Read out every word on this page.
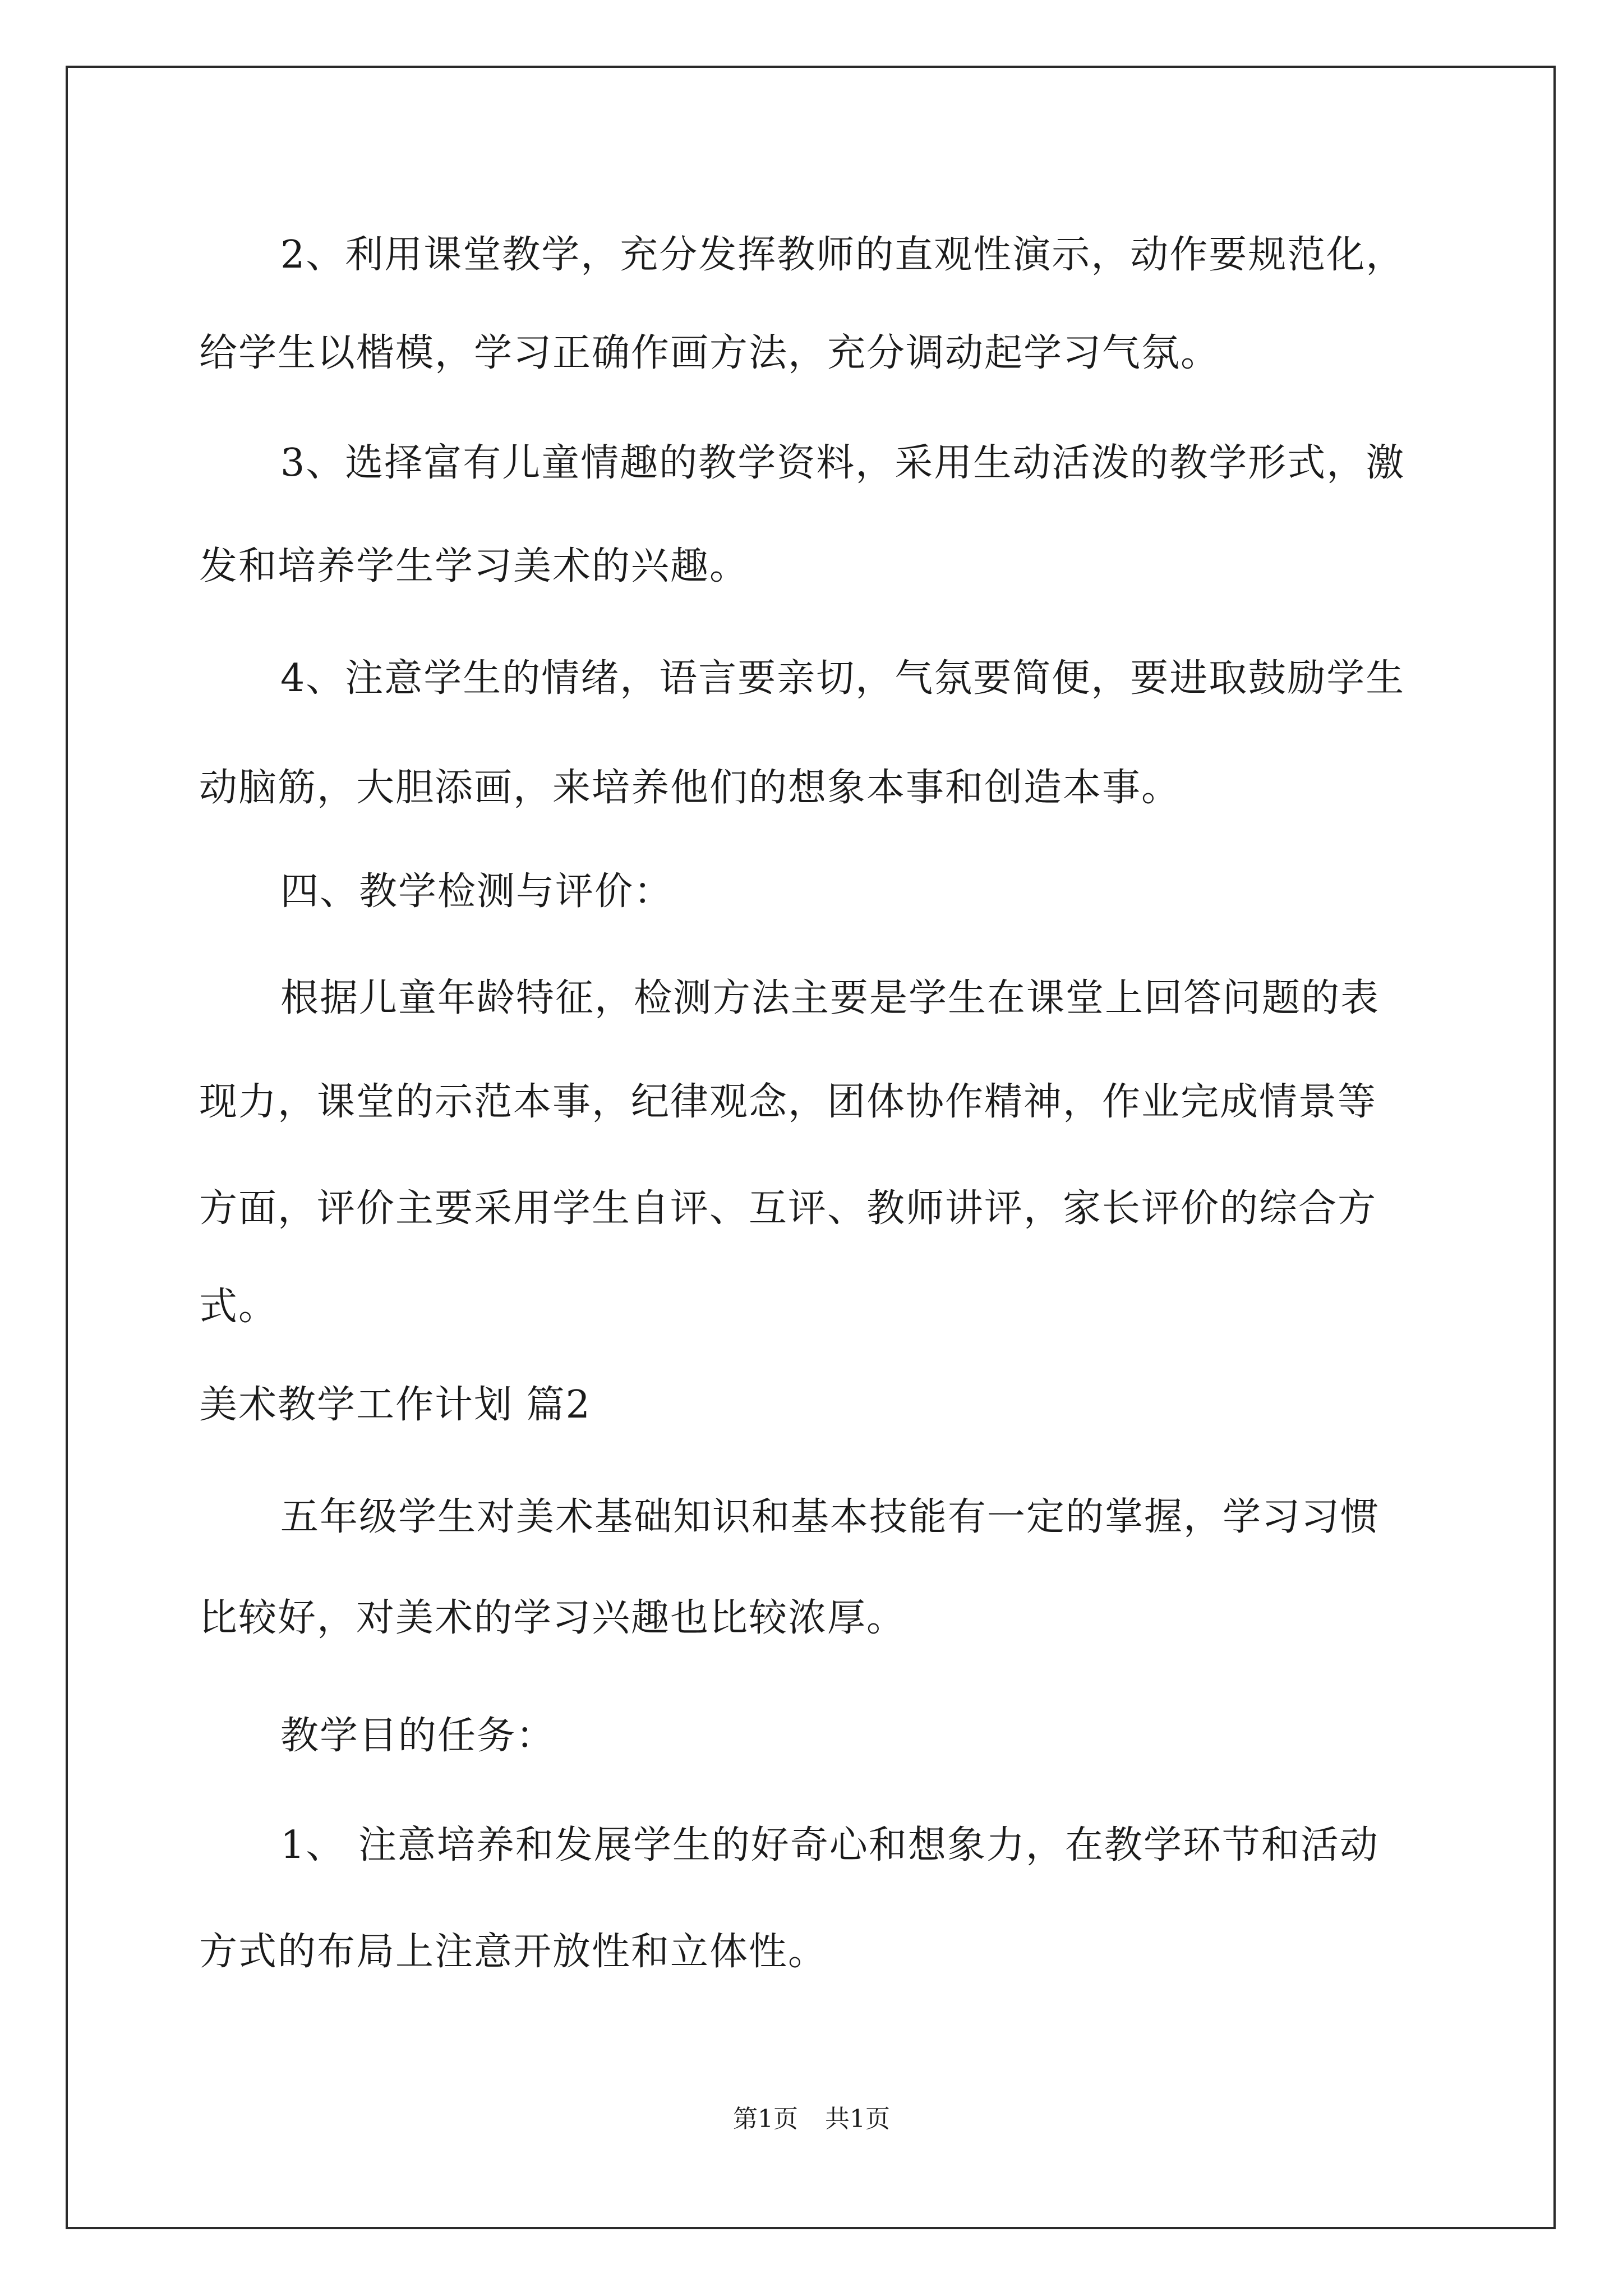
2、利用课堂教学，充分发挥教师的直观性演示，动作要规范化，
给学生以楷模，学习正确作画方法，充分调动起学习气氛。
3、选择富有儿童情趣的教学资料，采用生动活泼的教学形式，激
发和培养学生学习美术的兴趣。
4、注意学生的情绪，语言要亲切，气氛要简便，要进取鼓励学生
动脑筋，大胆添画，来培养他们的想象本事和创造本事。
四、教学检测与评价：
根据儿童年龄特征，检测方法主要是学生在课堂上回答问题的表
现力，课堂的示范本事，纪律观念，团体协作精神，作业完成情景等
方面，评价主要采用学生自评、互评、教师讲评，家长评价的综合方
式。
美术教学工作计划 篇2
五年级学生对美术基础知识和基本技能有一定的掌握，学习习惯
比较好，对美术的学习兴趣也比较浓厚。
教学目的任务：
1、 注意培养和发展学生的好奇心和想象力，在教学环节和活动
方式的布局上注意开放性和立体性。
第1页 共1页
